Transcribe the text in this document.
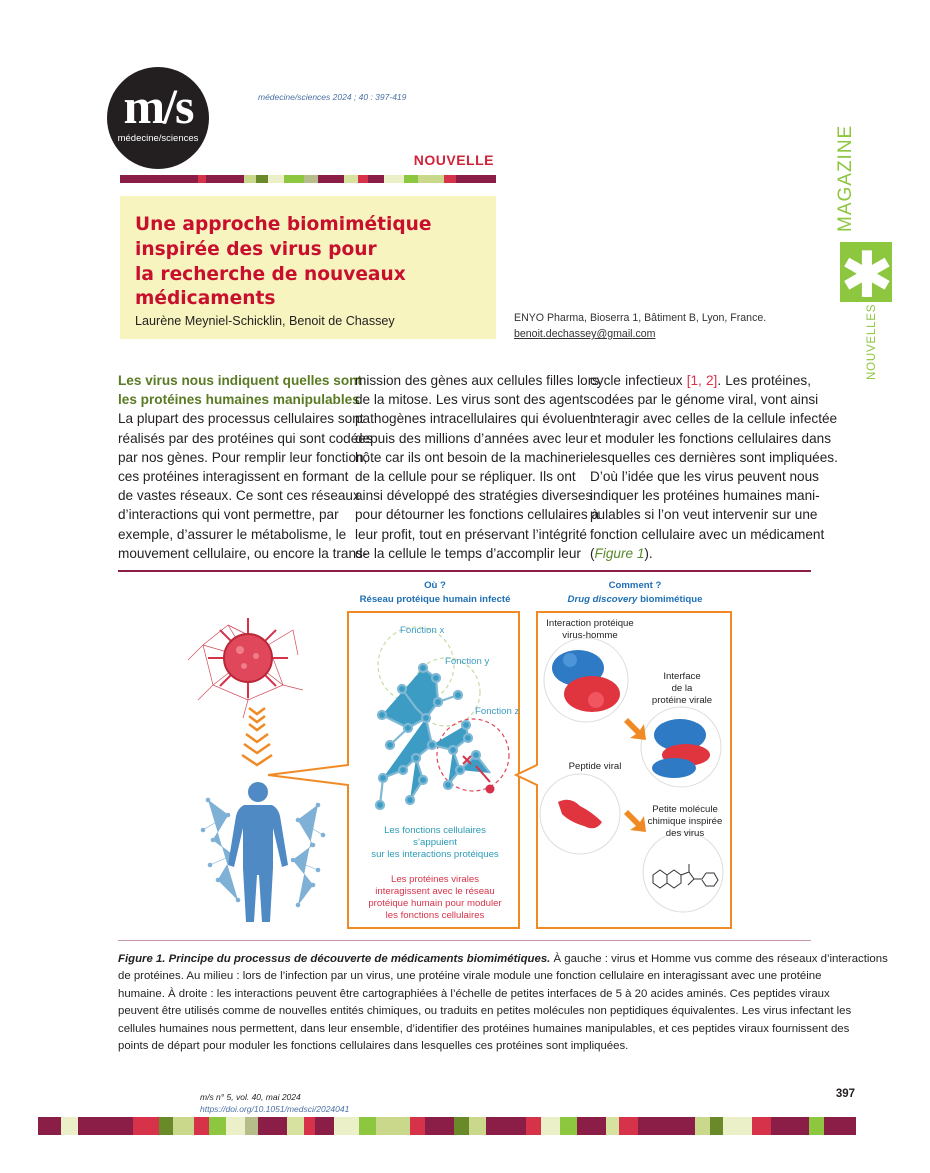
m/s
médecine/sciences
médecine/sciences 2024 ; 40 : 397-419
NOUVELLE
Une approche biomimétique
inspirée des virus pour
la recherche de nouveaux
médicaments
Laurène Meyniel-Schicklin, Benoit de Chassey	ENYO Pharma, Bioserra 1, Bâtiment B, Lyon, France.
benoit.dechassey@gmail.com
MAGAZINE
✱
NOUVELLES
Les virus nous indiquent quelles sont
les protéines humaines manipulables
La plupart des processus cellulaires sont
réalisés par des protéines qui sont codées
par nos gènes. Pour remplir leur fonction,
ces protéines interagissent en formant
de vastes réseaux. Ce sont ces réseaux
d’interactions qui vont permettre, par
exemple, d’assurer le métabolisme, le
mouvement cellulaire, ou encore la trans-
mission des gènes aux cellules filles lors
de la mitose. Les virus sont des agents
pathogènes intracellulaires qui évoluent
depuis des millions d’années avec leur
hôte car ils ont besoin de la machinerie
de la cellule pour se répliquer. Ils ont
ainsi développé des stratégies diverses
pour détourner les fonctions cellulaires à
leur profit, tout en préservant l’intégrité
de la cellule le temps d’accomplir leur
cycle infectieux [1, 2]. Les protéines,
codées par le génome viral, vont ainsi
interagir avec celles de la cellule infectée
et moduler les fonctions cellulaires dans
lesquelles ces dernières sont impliquées.
D’où l’idée que les virus peuvent nous
indiquer les protéines humaines mani-
pulables si l’on veut intervenir sur une
fonction cellulaire avec un médicament
(Figure 1).
Où ?
Réseau protéique humain infecté
Comment ?
Drug discovery biomimétique
Fonction x
Fonction y
Fonction z
Les fonctions cellulaires
s’appuient
sur les interactions protéiques
Les protéines virales
interagissent avec le réseau
protéique humain pour moduler
les fonctions cellulaires
Interaction protéique
virus-homme
Interface
de la
protéine virale
Peptide viral
Petite molécule
chimique inspirée
des virus
Figure 1. Principe du processus de découverte de médicaments biomimétiques. À gauche : virus et Homme vus comme des réseaux d’interactions
de protéines. Au milieu : lors de l’infection par un virus, une protéine virale module une fonction cellulaire en interagissant avec une protéine
humaine. À droite : les interactions peuvent être cartographiées à l’échelle de petites interfaces de 5 à 20 acides aminés. Ces peptides viraux
peuvent être utilisés comme de nouvelles entités chimiques, ou traduits en petites molécules non peptidiques équivalentes. Les virus infectant les
cellules humaines nous permettent, dans leur ensemble, d’identifier des protéines humaines manipulables, et ces peptides viraux fournissent des
points de départ pour moduler les fonctions cellulaires dans lesquelles ces protéines sont impliquées.
m/s n° 5, vol. 40, mai 2024
https://doi.org/10.1051/medsci/2024041
397
